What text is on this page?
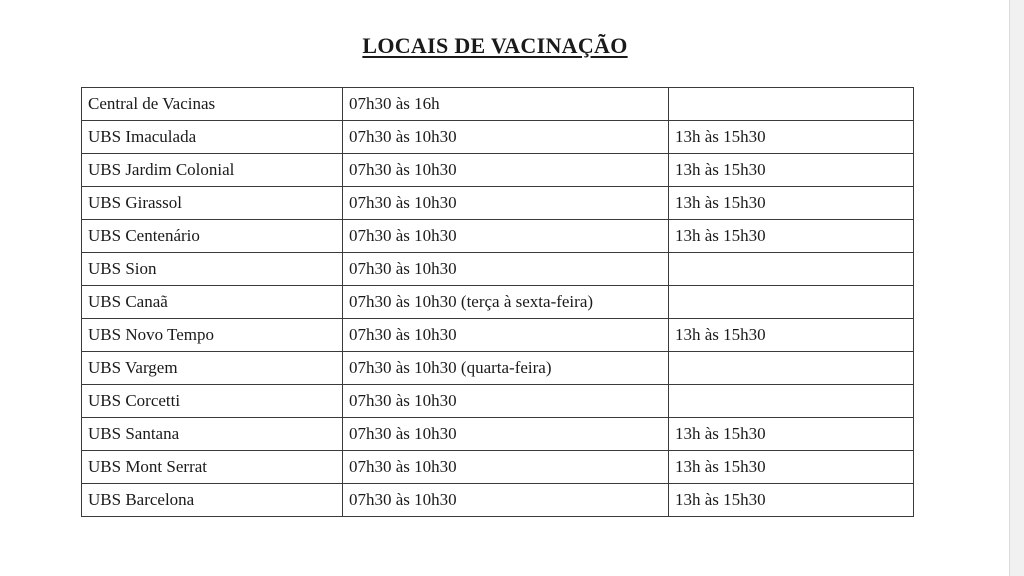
LOCAIS DE VACINAÇÃO
Central de Vacinas	07h30 às 16h	
UBS Imaculada	07h30 às 10h30	13h às 15h30
UBS Jardim Colonial	07h30 às 10h30	13h às 15h30
UBS Girassol	07h30 às 10h30	13h às 15h30
UBS Centenário	07h30 às 10h30	13h às 15h30
UBS Sion	07h30 às 10h30	
UBS Canaã	07h30 às 10h30 (terça à sexta-feira)	
UBS Novo Tempo	07h30 às 10h30	13h às 15h30
UBS Vargem	07h30 às 10h30 (quarta-feira)	
UBS Corcetti	07h30 às 10h30	
UBS Santana	07h30 às 10h30	13h às 15h30
UBS Mont Serrat	07h30 às 10h30	13h às 15h30
UBS Barcelona	07h30 às 10h30	13h às 15h30
